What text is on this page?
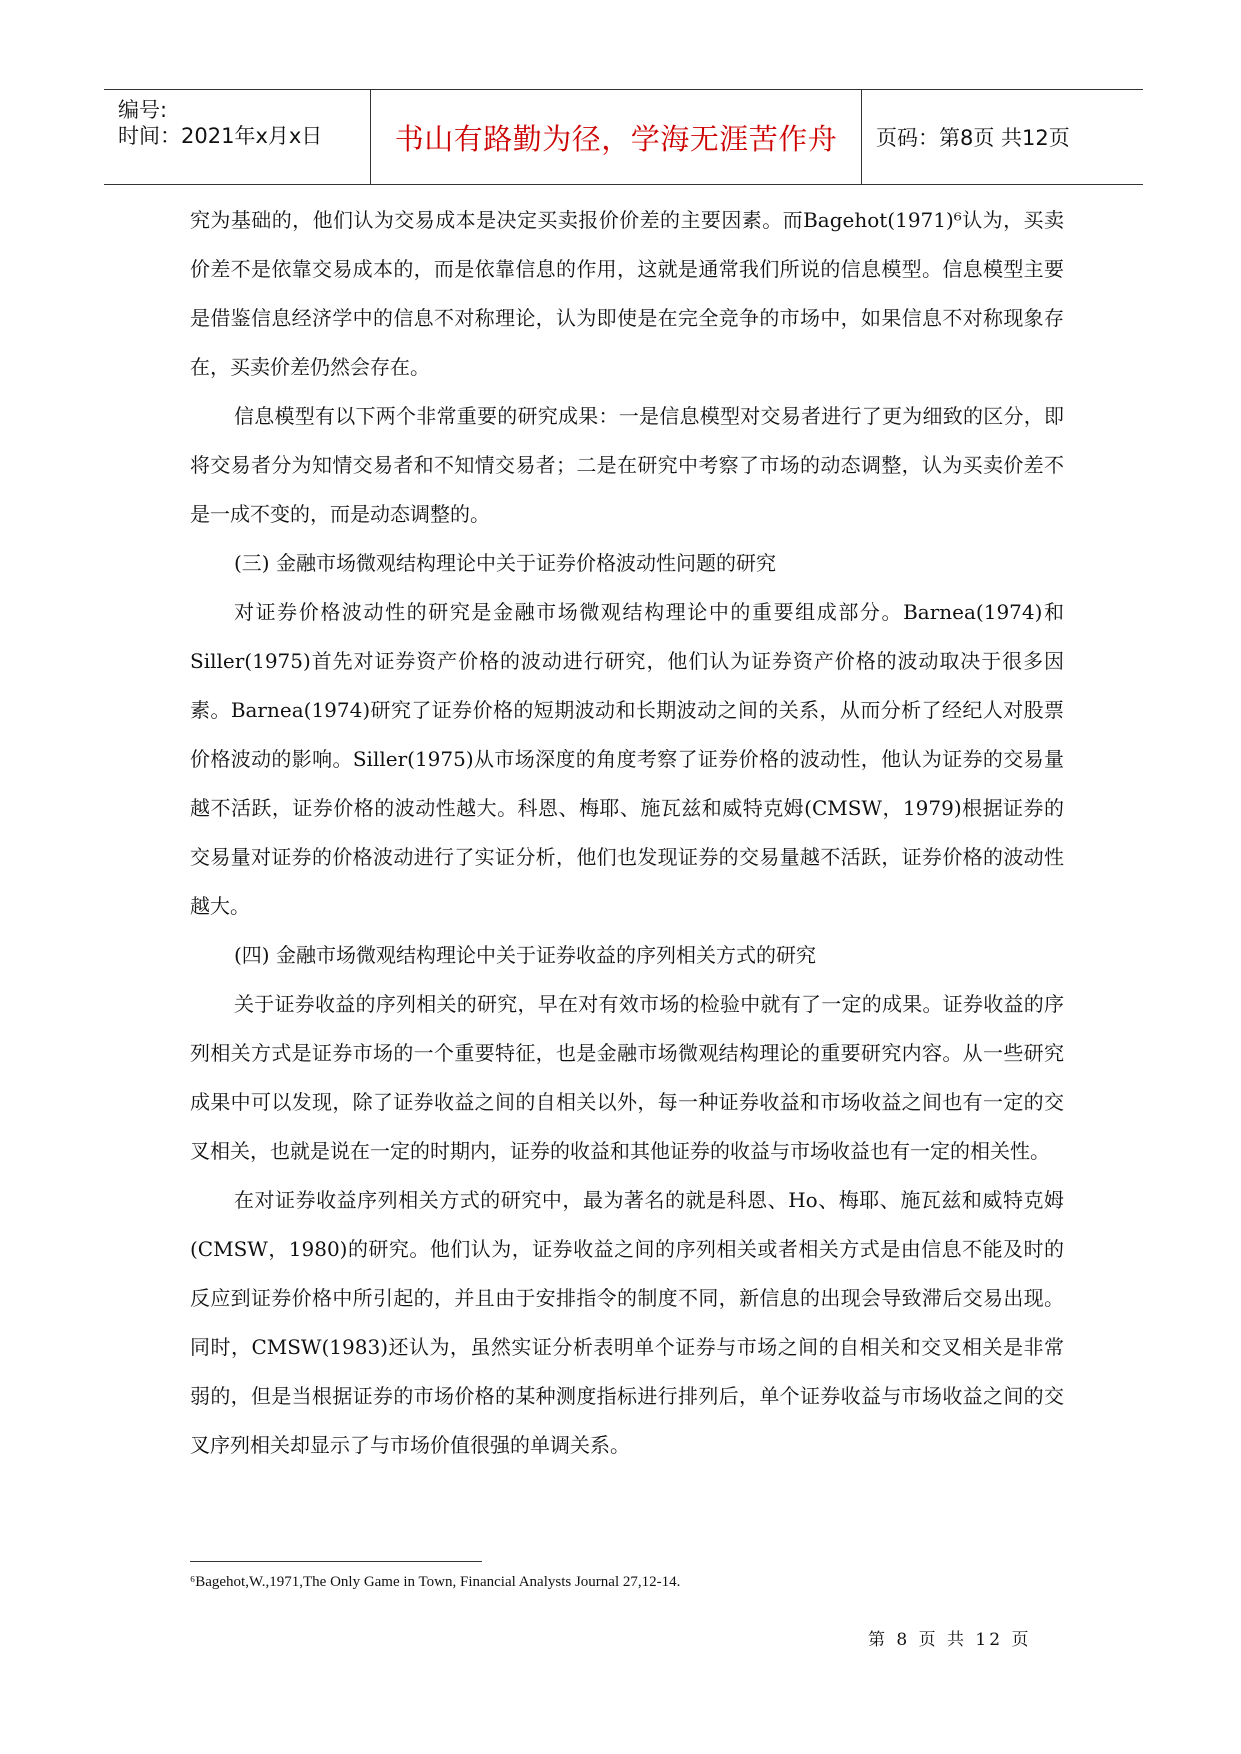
编号:
时间：2021年x月x日 书山有路勤为径，学海无涯苦作舟 页码：第8页 共12页

究为基础的，他们认为交易成本是决定买卖报价价差的主要因素。而Bagehot(1971)⁶认为，买卖价差不是依靠交易成本的，而是依靠信息的作用，这就是通常我们所说的信息模型。信息模型主要是借鉴信息经济学中的信息不对称理论，认为即使是在完全竞争的市场中，如果信息不对称现象存在，买卖价差仍然会存在。

信息模型有以下两个非常重要的研究成果：一是信息模型对交易者进行了更为细致的区分，即将交易者分为知情交易者和不知情交易者；二是在研究中考察了市场的动态调整，认为买卖价差不是一成不变的，而是动态调整的。

(三) 金融市场微观结构理论中关于证券价格波动性问题的研究

对证券价格波动性的研究是金融市场微观结构理论中的重要组成部分。Barnea(1974)和Siller(1975)首先对证券资产价格的波动进行研究，他们认为证券资产价格的波动取决于很多因素。Barnea(1974)研究了证券价格的短期波动和长期波动之间的关系，从而分析了经纪人对股票价格波动的影响。Siller(1975)从市场深度的角度考察了证券价格的波动性，他认为证券的交易量越不活跃，证券价格的波动性越大。科恩、梅耶、施瓦兹和威特克姆(CMSW，1979)根据证券的交易量对证券的价格波动进行了实证分析，他们也发现证券的交易量越不活跃，证券价格的波动性越大。

(四) 金融市场微观结构理论中关于证券收益的序列相关方式的研究

关于证券收益的序列相关的研究，早在对有效市场的检验中就有了一定的成果。证券收益的序列相关方式是证券市场的一个重要特征，也是金融市场微观结构理论的重要研究内容。从一些研究成果中可以发现，除了证券收益之间的自相关以外，每一种证券收益和市场收益之间也有一定的交叉相关，也就是说在一定的时期内，证券的收益和其他证券的收益与市场收益也有一定的相关性。

在对证券收益序列相关方式的研究中，最为著名的就是科恩、Ho、梅耶、施瓦兹和威特克姆(CMSW，1980)的研究。他们认为，证券收益之间的序列相关或者相关方式是由信息不能及时的反应到证券价格中所引起的，并且由于安排指令的制度不同，新信息的出现会导致滞后交易出现。同时，CMSW(1983)还认为，虽然实证分析表明单个证券与市场之间的自相关和交叉相关是非常弱的，但是当根据证券的市场价格的某种测度指标进行排列后，单个证券收益与市场收益之间的交叉序列相关却显示了与市场价值很强的单调关系。

⁶Bagehot,W.,1971,The Only Game in Town, Financial Analysts Journal 27,12-14.
第 8 页 共 12 页
